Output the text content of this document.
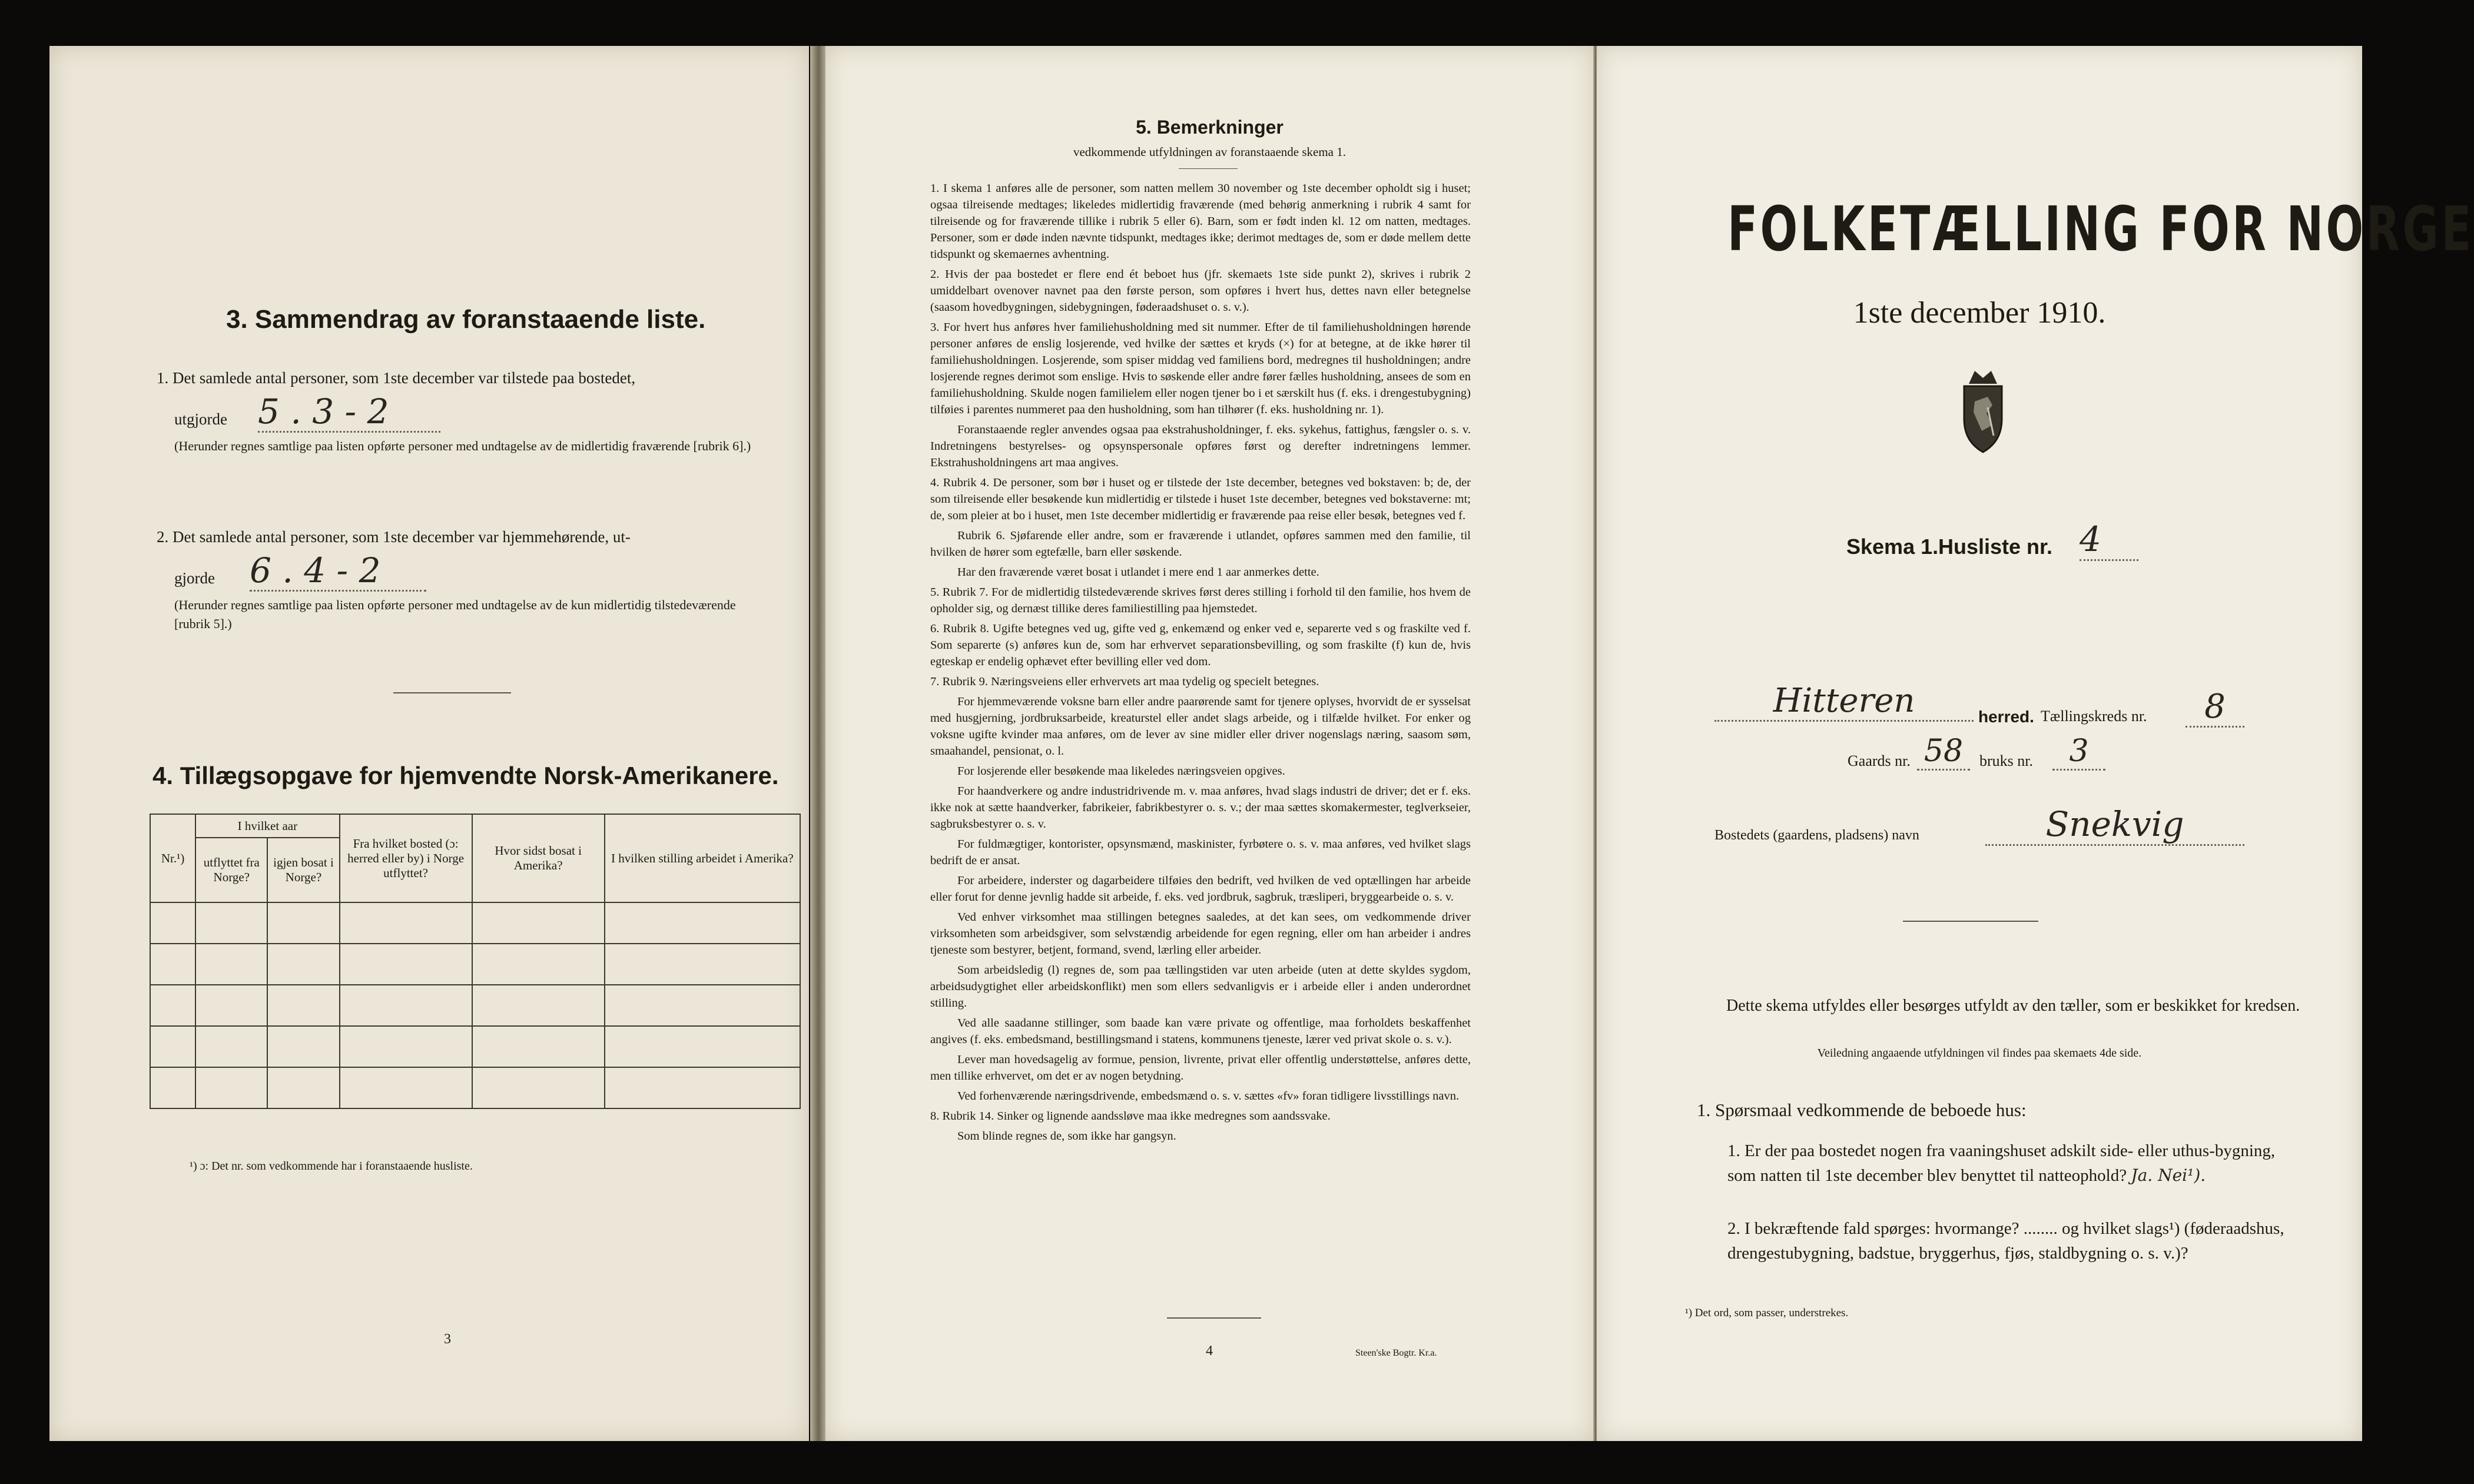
3. Sammendrag av foranstaaende liste.
1. Det samlede antal personer, som 1ste december var tilstede paa bostedet,
utgjorde 5 . 3 - 2
(Herunder regnes samtlige paa listen opførte personer med undtagelse av de midlertidig fraværende [rubrik 6].)
2. Det samlede antal personer, som 1ste december var hjemmehørende, ut-
gjorde 6 . 4 - 2
(Herunder regnes samtlige paa listen opførte personer med undtagelse av de kun midlertidig tilstedeværende [rubrik 5].)
4. Tillægsopgave for hjemvendte Norsk-Amerikanere.
Nr.¹)	I hvilket aar		Fra hvilket bosted (ɔ: herred eller by) i Norge utflyttet?	Hvor sidst bosat i Amerika?	I hvilken stilling arbeidet i Amerika?
	utflyttet fra Norge?	igjen bosat i Norge?			

¹) ɔ: Det nr. som vedkommende har i foranstaaende husliste.
3
5. Bemerkninger
vedkommende utfyldningen av foranstaaende skema 1.

1. I skema 1 anføres alle de personer, som natten mellem 30 november og 1ste december opholdt sig i huset; ogsaa tilreisende medtages; likeledes midlertidig fraværende (med behørig anmerkning i rubrik 4 samt for tilreisende og for fraværende tillike i rubrik 5 eller 6). Barn, som er født inden kl. 12 om natten, medtages. Personer, som er døde inden nævnte tidspunkt, medtages ikke; derimot medtages de, som er døde mellem dette tidspunkt og skemaernes avhentning.

2. Hvis der paa bostedet er flere end ét beboet hus (jfr. skemaets 1ste side punkt 2), skrives i rubrik 2 umiddelbart ovenover navnet paa den første person, som opføres i hvert hus, dettes navn eller betegnelse (saasom hovedbygningen, sidebygningen, føderaadshuset o. s. v.).

3. For hvert hus anføres hver familiehusholdning med sit nummer. Efter de til familiehusholdningen hørende personer anføres de enslig losjerende, ved hvilke der sættes et kryds (×) for at betegne, at de ikke hører til familiehusholdningen. Losjerende, som spiser middag ved familiens bord, medregnes til husholdningen; andre losjerende regnes derimot som enslige. Hvis to søskende eller andre fører fælles husholdning, ansees de som en familiehusholdning. Skulde nogen familielem eller nogen tjener bo i et særskilt hus (f. eks. i drengestubygning) tilføies i parentes nummeret paa den husholdning, som han tilhører (f. eks. husholdning nr. 1).

Foranstaaende regler anvendes ogsaa paa ekstrahusholdninger, f. eks. sykehus, fattighus, fængsler o. s. v. Indretningens bestyrelses- og opsynspersonale opføres først og derefter indretningens lemmer. Ekstrahusholdningens art maa angives.

4. Rubrik 4. De personer, som bør i huset og er tilstede der 1ste december, betegnes ved bokstaven: b; de, der som tilreisende eller besøkende kun midlertidig er tilstede i huset 1ste december, betegnes ved bokstaverne: mt; de, som pleier at bo i huset, men 1ste december midlertidig er fraværende paa reise eller besøk, betegnes ved f.

Rubrik 6. Sjøfarende eller andre, som er fraværende i utlandet, opføres sammen med den familie, til hvilken de hører som egtefælle, barn eller søskende.

Har den fraværende været bosat i utlandet i mere end 1 aar anmerkes dette.

5. Rubrik 7. For de midlertidig tilstedeværende skrives først deres stilling i forhold til den familie, hos hvem de opholder sig, og dernæst tillike deres familiestilling paa hjemstedet.

6. Rubrik 8. Ugifte betegnes ved ug, gifte ved g, enkemænd og enker ved e, separerte ved s og fraskilte ved f. Som separerte (s) anføres kun de, som har erhvervet separationsbevilling, og som fraskilte (f) kun de, hvis egteskap er endelig ophævet efter bevilling eller ved dom.

7. Rubrik 9. Næringsveiens eller erhvervets art maa tydelig og specielt betegnes.

For hjemmeværende voksne barn eller andre paarørende samt for tjenere oplyses, hvorvidt de er sysselsat med husgjerning, jordbruksarbeide, kreaturstel eller andet slags arbeide, og i tilfælde hvilket. For enker og voksne ugifte kvinder maa anføres, om de lever av sine midler eller driver nogenslags næring, saasom søm, smaahandel, pensionat, o. l.

For losjerende eller besøkende maa likeledes næringsveien opgives.

For haandverkere og andre industridrivende m. v. maa anføres, hvad slags industri de driver; det er f. eks. ikke nok at sætte haandverker, fabrikeier, fabrikbestyrer o. s. v.; der maa sættes skomakermester, teglverkseier, sagbruksbestyrer o. s. v.

For fuldmægtiger, kontorister, opsynsmænd, maskinister, fyrbøtere o. s. v. maa anføres, ved hvilket slags bedrift de er ansat.

For arbeidere, inderster og dagarbeidere tilføies den bedrift, ved hvilken de ved optællingen har arbeide eller forut for denne jevnlig hadde sit arbeide, f. eks. ved jordbruk, sagbruk, træsliperi, bryggearbeide o. s. v.

Ved enhver virksomhet maa stillingen betegnes saaledes, at det kan sees, om vedkommende driver virksomheten som arbeidsgiver, som selvstændig arbeidende for egen regning, eller om han arbeider i andres tjeneste som bestyrer, betjent, formand, svend, lærling eller arbeider.

Som arbeidsledig (l) regnes de, som paa tællingstiden var uten arbeide (uten at dette skyldes sygdom, arbeidsudygtighet eller arbeidskonflikt) men som ellers sedvanligvis er i arbeide eller i anden underordnet stilling.

Ved alle saadanne stillinger, som baade kan være private og offentlige, maa forholdets beskaffenhet angives (f. eks. embedsmand, bestillingsmand i statens, kommunens tjeneste, lærer ved privat skole o. s. v.).

Lever man hovedsagelig av formue, pension, livrente, privat eller offentlig understøttelse, anføres dette, men tillike erhvervet, om det er av nogen betydning.

Ved forhenværende næringsdrivende, embedsmænd o. s. v. sættes «fv» foran tidligere livsstillings navn.

8. Rubrik 14. Sinker og lignende aandssløve maa ikke medregnes som aandssvake.

Som blinde regnes de, som ikke har gangsyn.

4	Steen'ske Bogtr. Kr.a.
FOLKETÆLLING FOR NORGE
1ste december 1910.
Skema 1. Husliste nr. 4
Hitteren	herred. Tællingskreds nr.	8
Gaards nr. 58	bruks nr.	3
Bostedets (gaardens, pladsens) navn	Snekvig
Dette skema utfyldes eller besørges utfyldt av den tæller, som er beskikket for kredsen.
Veiledning angaaende utfyldningen vil findes paa skemaets 4de side.
1. Spørsmaal vedkommende de beboede hus:
1. Er der paa bostedet nogen fra vaaningshuset adskilt side- eller uthus-bygning, som natten til 1ste december blev benyttet til natteophold? Ja. Nei¹).
2. I bekræftende fald spørges: hvormange? ........ og hvilket slags¹) (føderaadshus, drengestubygning, badstue, bryggerhus, fjøs, staldbygning o. s. v.)?
¹) Det ord, som passer, understrekes.
